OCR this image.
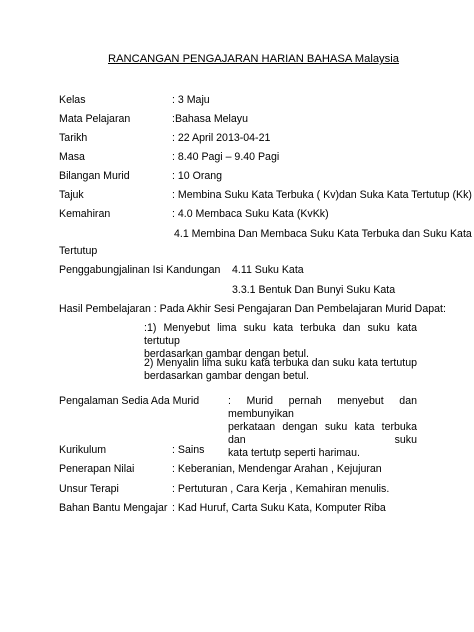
RANCANGAN PENGAJARAN HARIAN BAHASA Malaysia
Kelas	: 3 Maju
Mata Pelajaran	:Bahasa Melayu
Tarikh	: 22 April 2013-04-21
Masa	: 8.40 Pagi – 9.40 Pagi
Bilangan Murid	: 10 Orang
Tajuk	: Membina Suku Kata Terbuka ( Kv)dan Suka Kata Tertutup (Kk)
Kemahiran	: 4.0 Membaca Suku Kata (KvKk)
4.1 Membina Dan Membaca Suku Kata Terbuka dan Suku Kata
Tertutup
Penggabungjalinan Isi Kandungan 4.11 Suku Kata
3.3.1 Bentuk Dan Bunyi Suku Kata
Hasil Pembelajaran : Pada Akhir Sesi Pengajaran Dan Pembelajaran Murid Dapat:
:1) Menyebut lima suku kata terbuka dan suku kata tertutup
berdasarkan gambar dengan betul.
2) Menyalin lima suku kata terbuka dan suku kata tertutup
berdasarkan gambar dengan betul.
Pengalaman Sedia Ada Murid	: Murid pernah menyebut dan membunyikan
perkataan dengan suku kata terbuka dan suku
kata tertutp seperti harimau.
Kurikulum	: Sains
Penerapan Nilai	: Keberanian, Mendengar Arahan , Kejujuran
Unsur Terapi	: Pertuturan , Cara Kerja , Kemahiran menulis.
Bahan Bantu Mengajar : Kad Huruf, Carta Suku Kata, Komputer Riba
